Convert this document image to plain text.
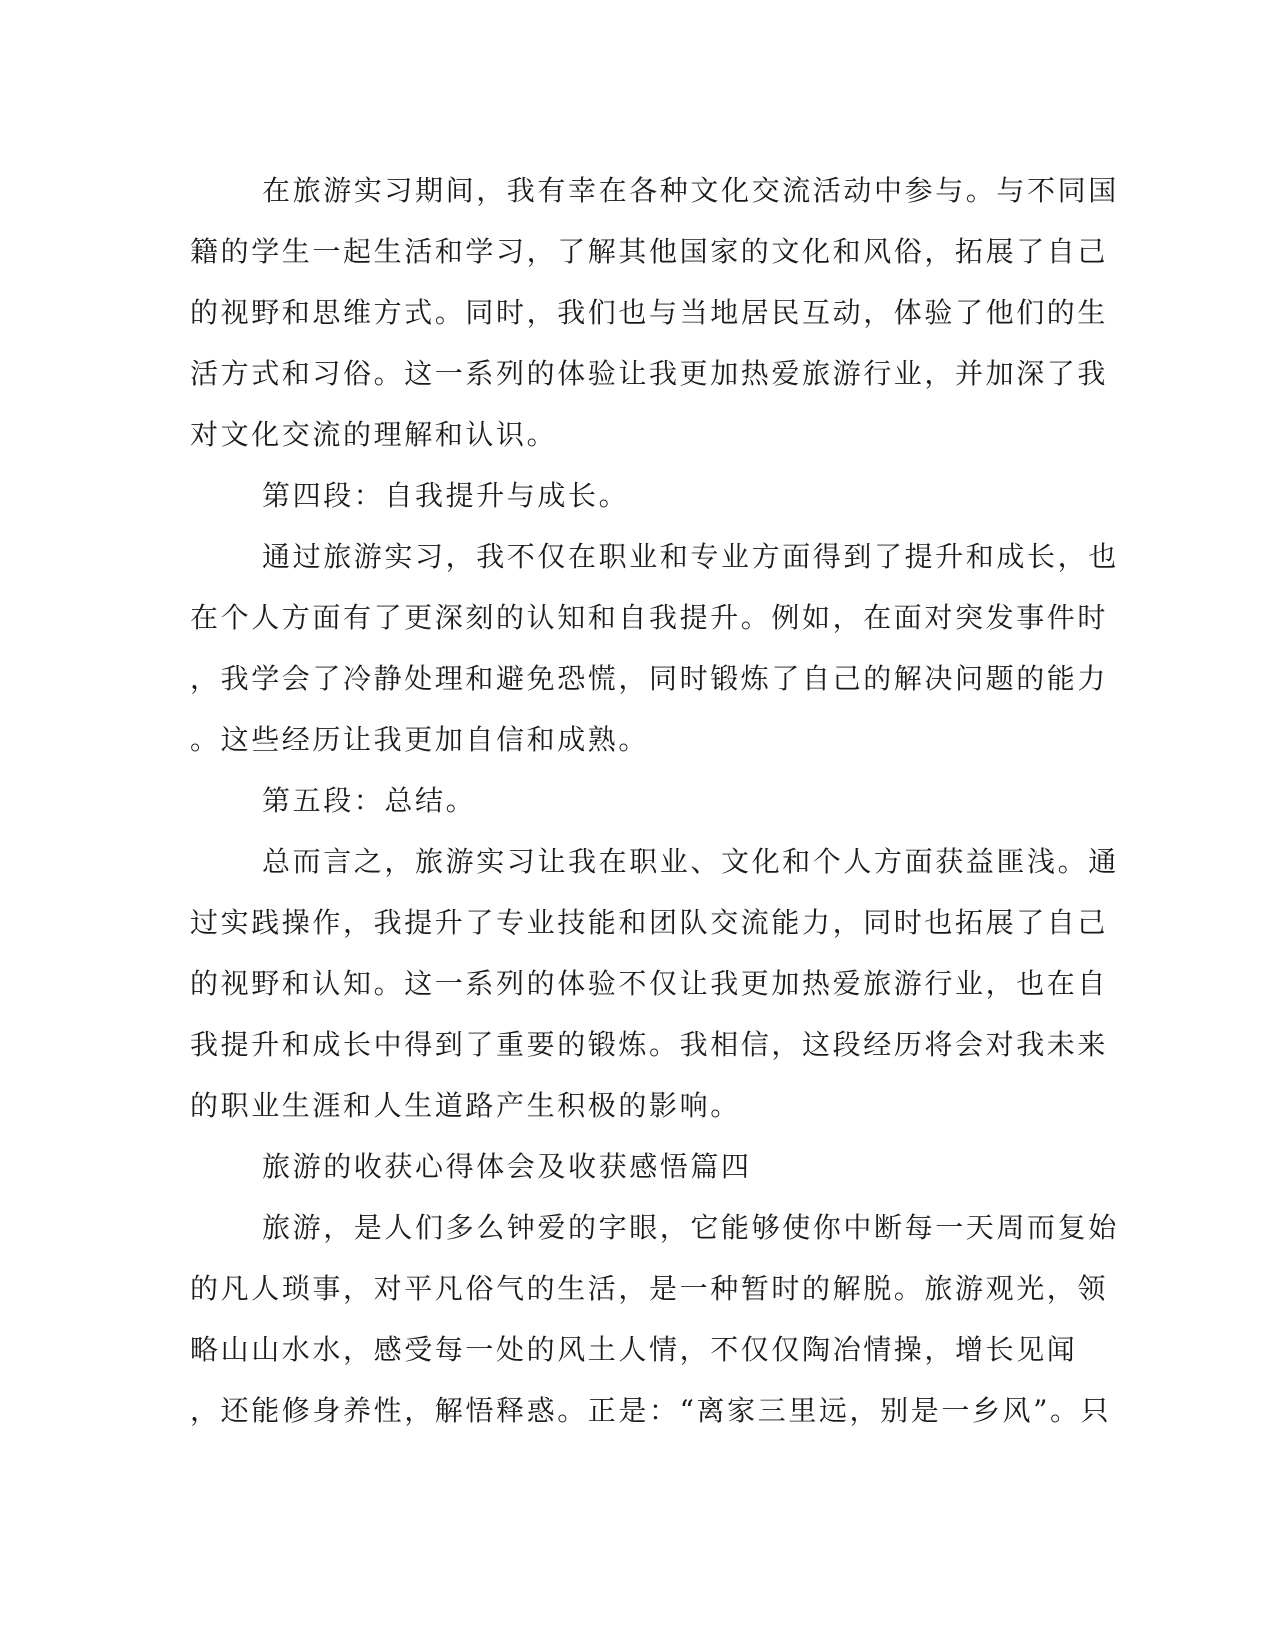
在旅游实习期间，我有幸在各种文化交流活动中参与。与不同国
籍的学生一起生活和学习，了解其他国家的文化和风俗，拓展了自己
的视野和思维方式。同时，我们也与当地居民互动，体验了他们的生
活方式和习俗。这一系列的体验让我更加热爱旅游行业，并加深了我
对文化交流的理解和认识。
第四段：自我提升与成长。
通过旅游实习，我不仅在职业和专业方面得到了提升和成长，也
在个人方面有了更深刻的认知和自我提升。例如，在面对突发事件时
，我学会了冷静处理和避免恐慌，同时锻炼了自己的解决问题的能力
。这些经历让我更加自信和成熟。
第五段：总结。
总而言之，旅游实习让我在职业、文化和个人方面获益匪浅。通
过实践操作，我提升了专业技能和团队交流能力，同时也拓展了自己
的视野和认知。这一系列的体验不仅让我更加热爱旅游行业，也在自
我提升和成长中得到了重要的锻炼。我相信，这段经历将会对我未来
的职业生涯和人生道路产生积极的影响。
旅游的收获心得体会及收获感悟篇四
旅游，是人们多么钟爱的字眼，它能够使你中断每一天周而复始
的凡人琐事，对平凡俗气的生活，是一种暂时的解脱。旅游观光，领
略山山水水，感受每一处的风土人情，不仅仅陶冶情操，增长见闻
，还能修身养性，解悟释惑。正是：“离家三里远，别是一乡风”。只
